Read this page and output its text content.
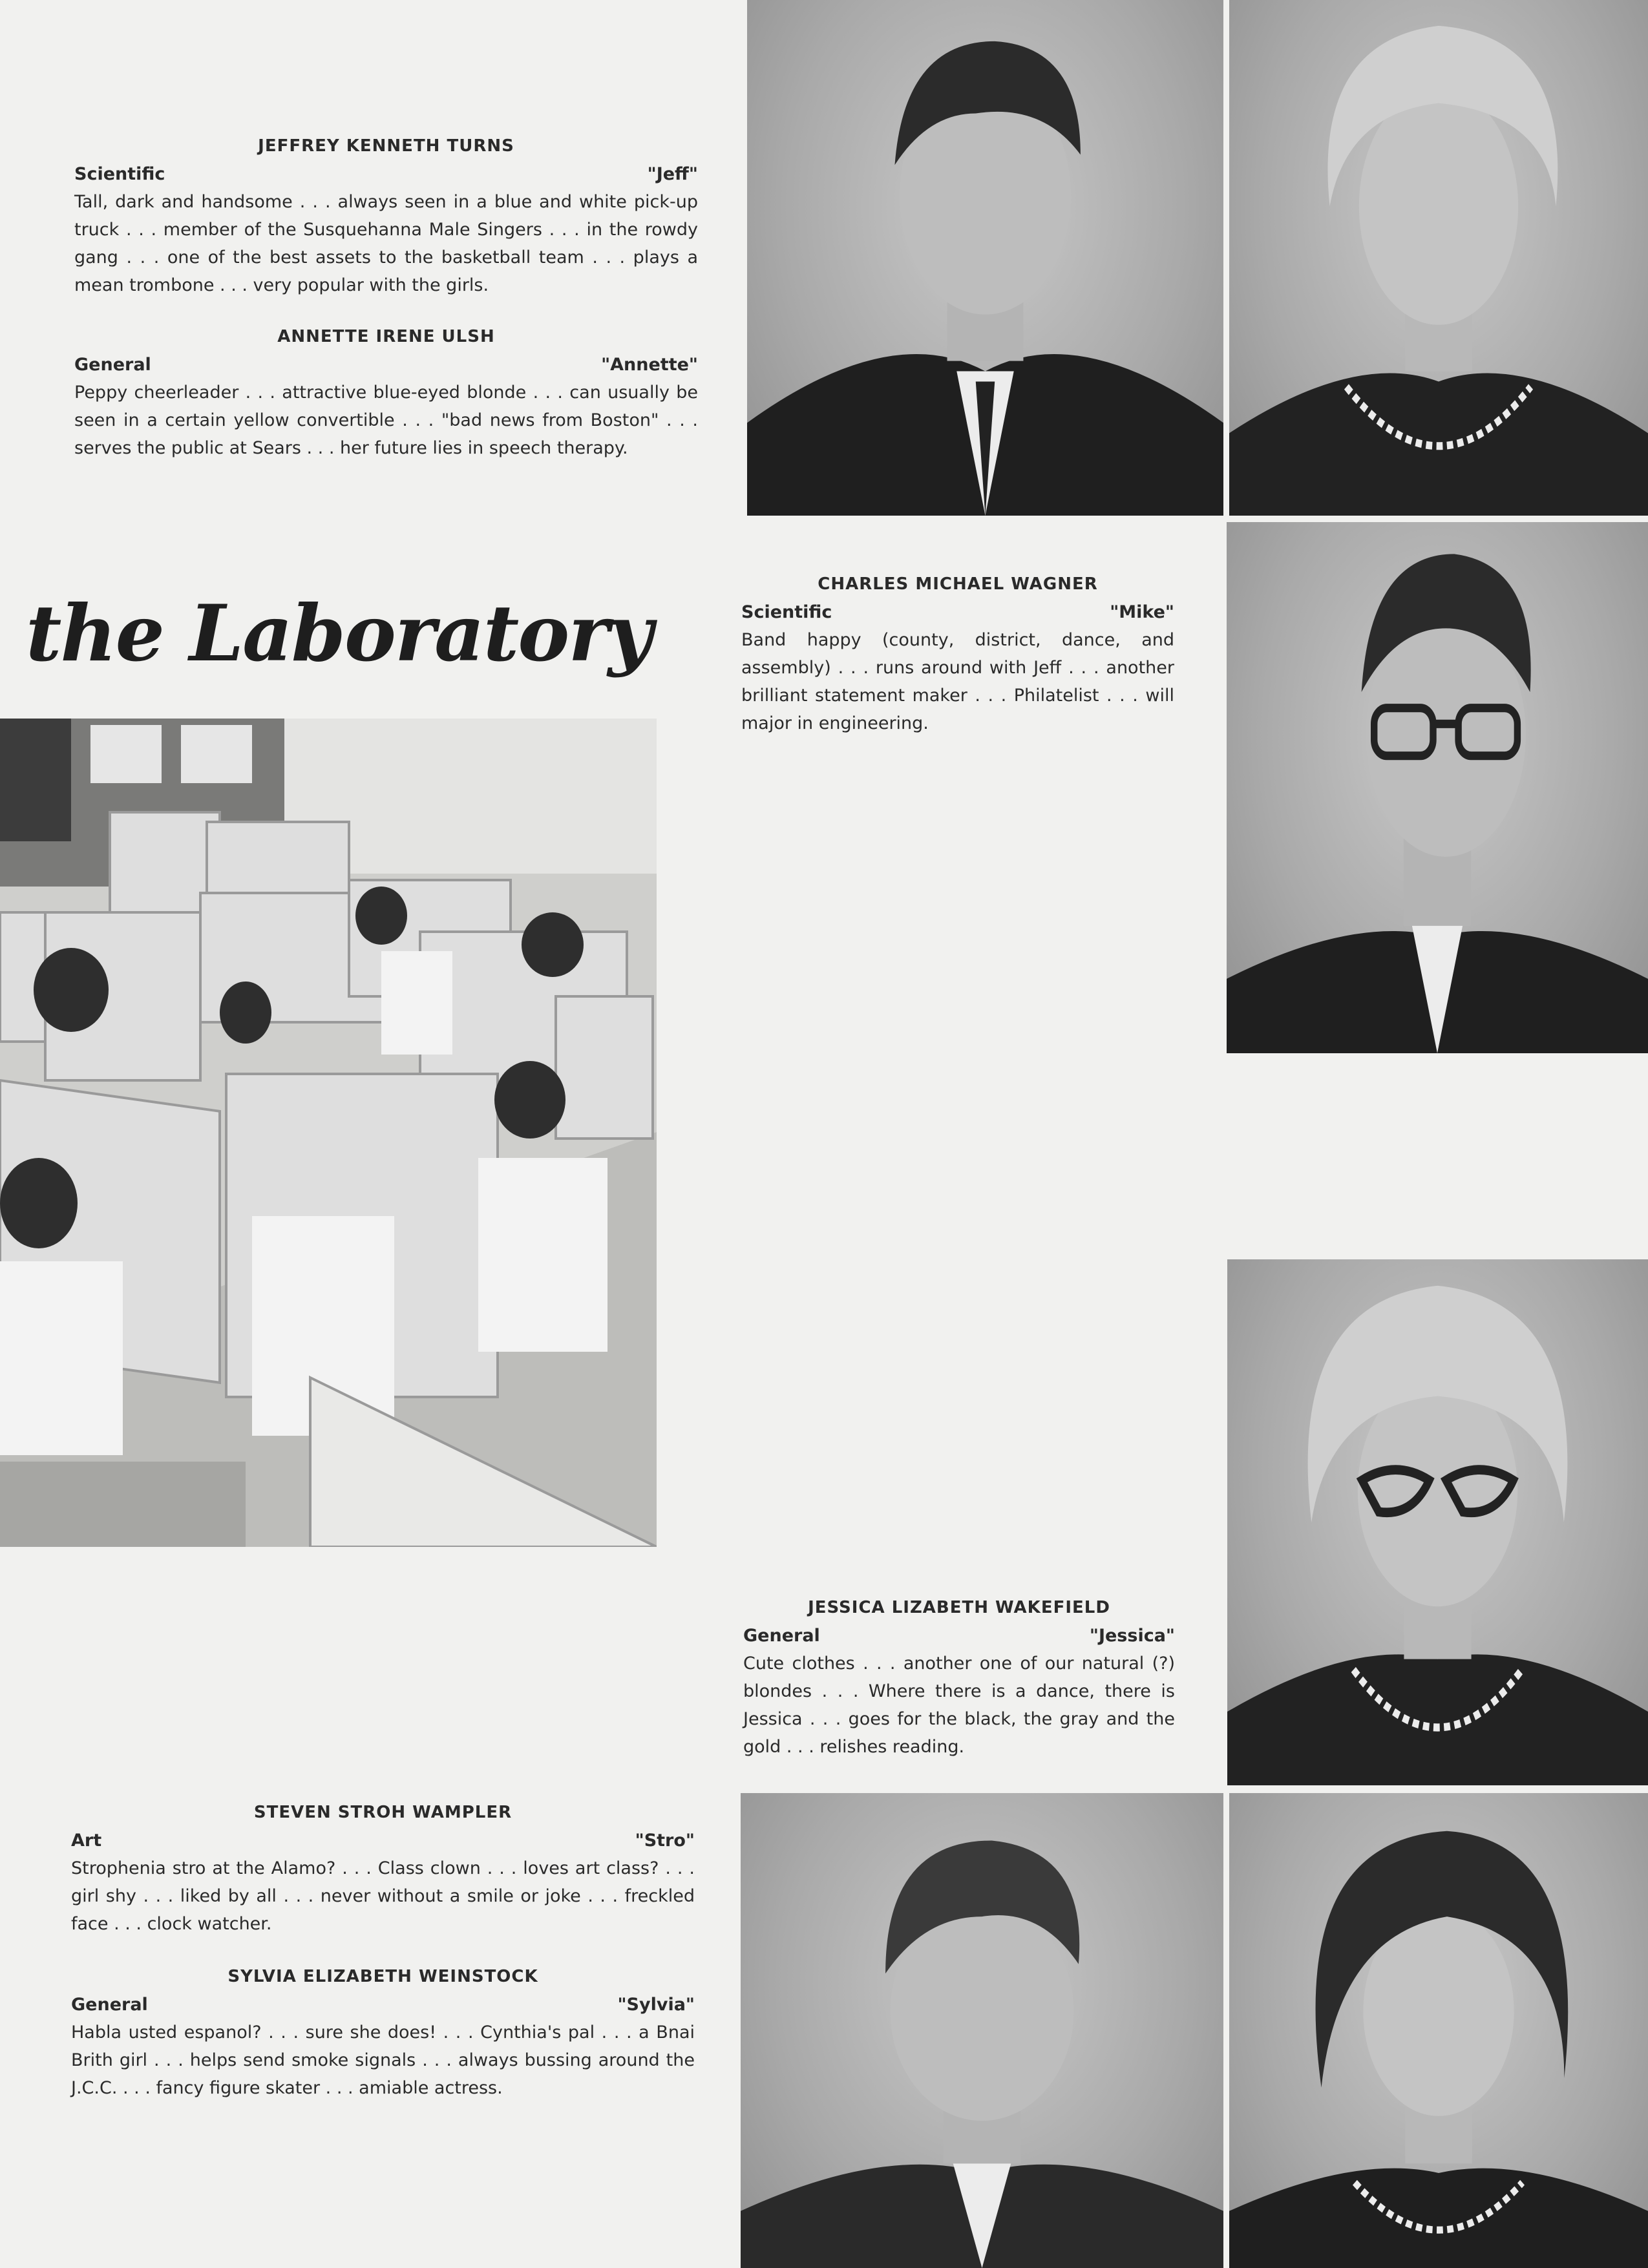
JEFFREY KENNETH TURNS
Scientific	"Jeff"
Tall, dark and handsome . . . always seen in a blue and white pick-up truck . . . member of the Susquehanna Male Singers . . . in the rowdy gang . . . one of the best assets to the basketball team . . . plays a mean trombone . . . very popular with the girls.
ANNETTE IRENE ULSH
General	"Annette"
Peppy cheerleader . . . attractive blue-eyed blonde . . . can usually be seen in a certain yellow convertible . . . "bad news from Boston" . . . serves the public at Sears . . . her future lies in speech therapy.
CHARLES MICHAEL WAGNER
Scientific	"Mike"
Band happy (county, district, dance, and assembly) . . . runs around with Jeff . . . another brilliant statement maker . . . Philatelist . . . will major in engineering.
JESSICA LIZABETH WAKEFIELD
General	"Jessica"
Cute clothes . . . another one of our natural (?) blondes . . . Where there is a dance, there is Jessica . . . goes for the black, the gray and the gold . . . relishes reading.
STEVEN STROH WAMPLER
Art	"Stro"
Strophenia stro at the Alamo? . . . Class clown . . . loves art class? . . . girl shy . . . liked by all . . . never without a smile or joke . . . freckled face . . . clock watcher.
SYLVIA ELIZABETH WEINSTOCK
General	"Sylvia"
Habla usted espanol? . . . sure she does! . . . Cynthia's pal . . . a Bnai Brith girl . . . helps send smoke signals . . . always bussing around the J.C.C. . . . fancy figure skater . . . amiable actress.
the Laboratory
